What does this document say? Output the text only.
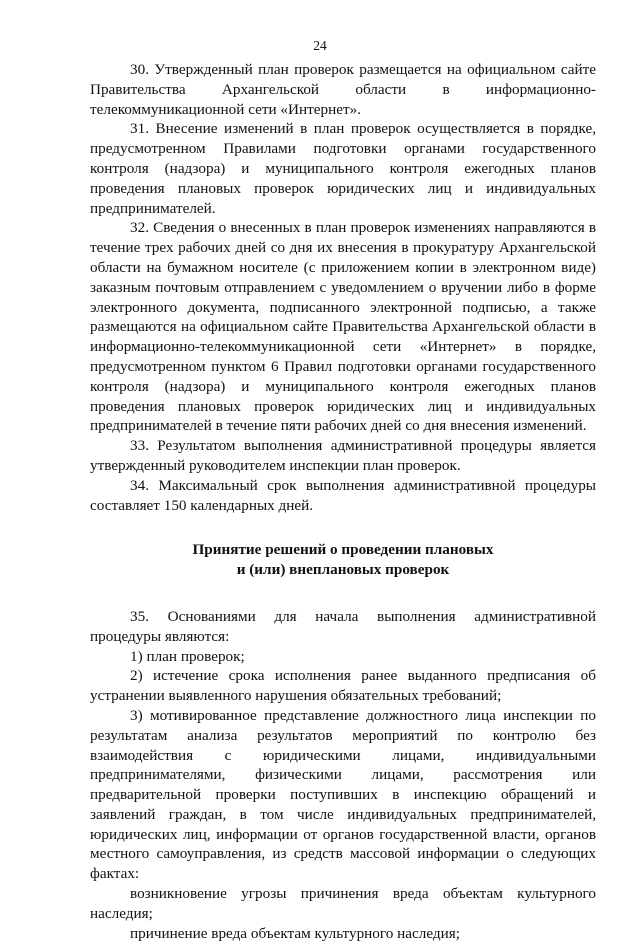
24

30. Утвержденный план проверок размещается на официальном сайте Правительства Архангельской области в информационно-телекоммуникационной сети «Интернет».

31. Внесение изменений в план проверок осуществляется в порядке, предусмотренном Правилами подготовки органами государственного контроля (надзора) и муниципального контроля ежегодных планов проведения плановых проверок юридических лиц и индивидуальных предпринимателей.

32. Сведения о внесенных в план проверок изменениях направляются в течение трех рабочих дней со дня их внесения в прокуратуру Архангельской области на бумажном носителе (с приложением копии в электронном виде) заказным почтовым отправлением с уведомлением о вручении либо в форме электронного документа, подписанного электронной подписью, а также размещаются на официальном сайте Правительства Архангельской области в информационно-телекоммуникационной сети «Интернет» в порядке, предусмотренном пунктом 6 Правил подготовки органами государственного контроля (надзора) и муниципального контроля ежегодных планов проведения плановых проверок юридических лиц и индивидуальных предпринимателей в течение пяти рабочих дней со дня внесения изменений.

33. Результатом выполнения административной процедуры является утвержденный руководителем инспекции план проверок.

34. Максимальный срок выполнения административной процедуры составляет 150 календарных дней.

Принятие решений о проведении плановых
и (или) внеплановых проверок

35. Основаниями для начала выполнения административной процедуры являются:

1) план проверок;

2) истечение срока исполнения ранее выданного предписания об устранении выявленного нарушения обязательных требований;

3) мотивированное представление должностного лица инспекции по результатам анализа результатов мероприятий по контролю без взаимодействия с юридическими лицами, индивидуальными предпринимателями, физическими лицами, рассмотрения или предварительной проверки поступивших в инспекцию обращений и заявлений граждан, в том числе индивидуальных предпринимателей, юридических лиц, информации от органов государственной власти, органов местного самоуправления, из средств массовой информации о следующих фактах:

возникновение угрозы причинения вреда объектам культурного наследия;

причинение вреда объектам культурного наследия;
